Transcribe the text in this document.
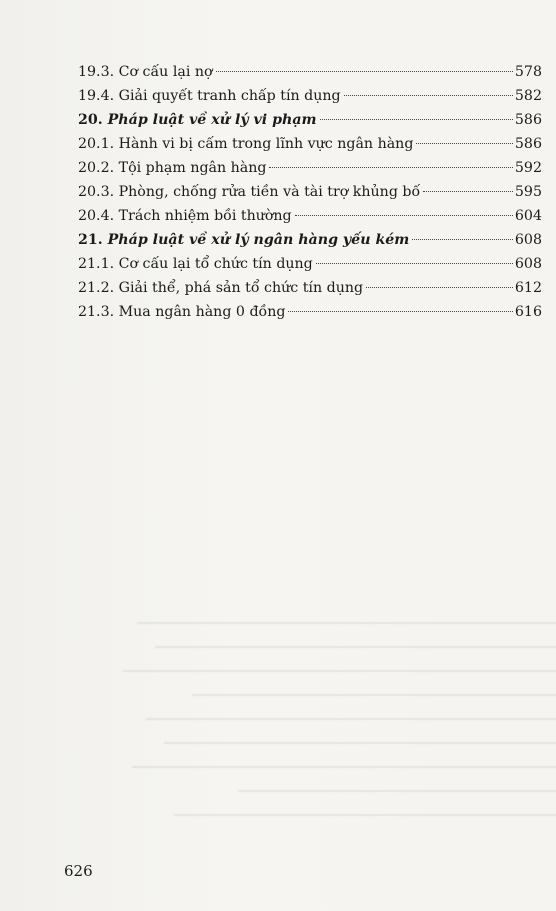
19.3. Cơ cấu lại nợ	578
19.4. Giải quyết tranh chấp tín dụng	582
20. Pháp luật về xử lý vi phạm	586
20.1. Hành vi bị cấm trong lĩnh vực ngân hàng	586
20.2. Tội phạm ngân hàng	592
20.3. Phòng, chống rửa tiền và tài trợ khủng bố	595
20.4. Trách nhiệm bồi thường	604
21. Pháp luật về xử lý ngân hàng yếu kém	608
21.1. Cơ cấu lại tổ chức tín dụng	608
21.2. Giải thể, phá sản tổ chức tín dụng	612
21.3. Mua ngân hàng 0 đồng	616
626
